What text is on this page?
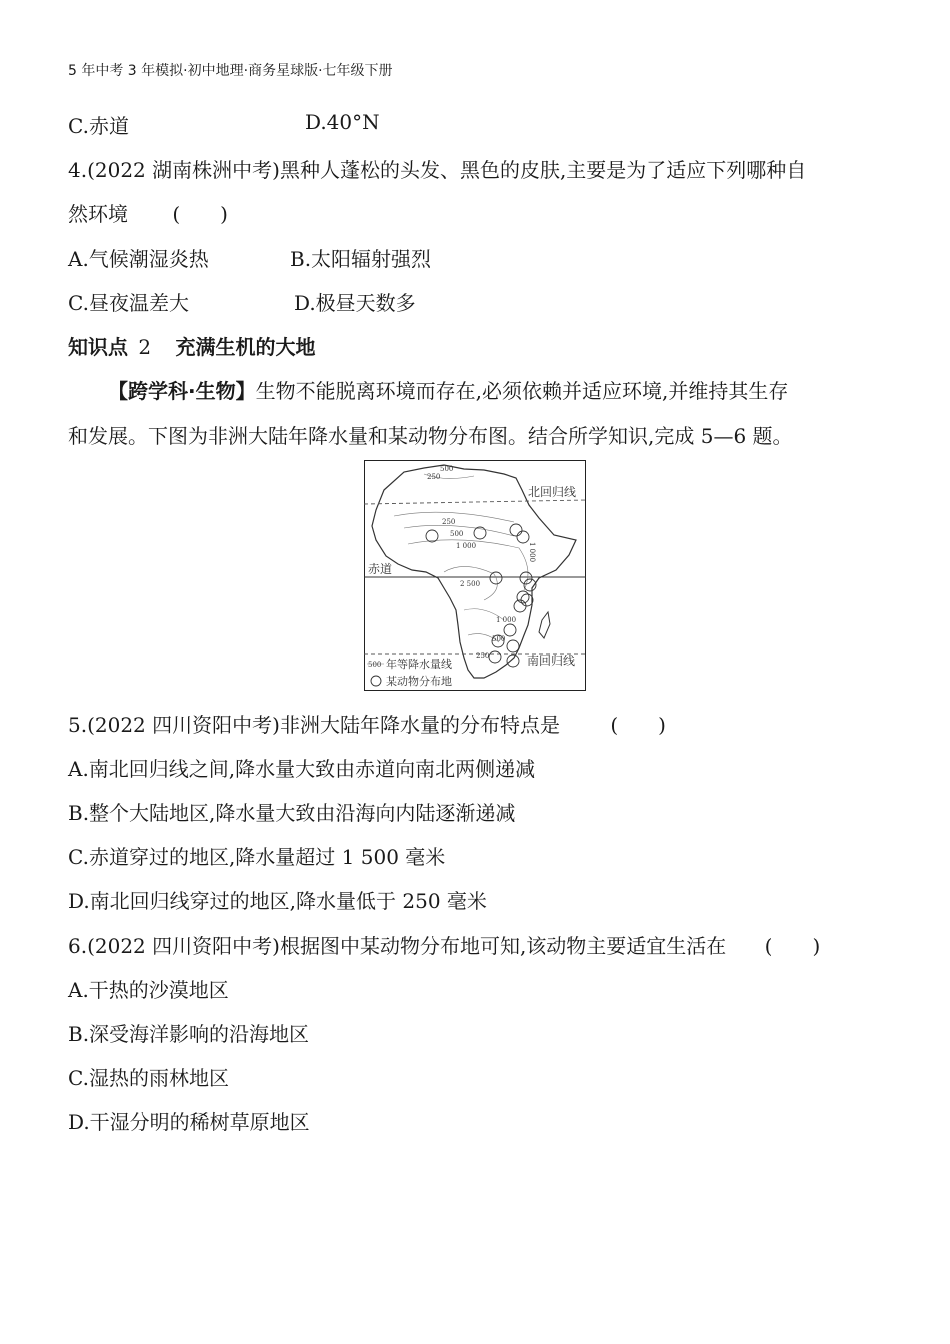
5 年中考 3 年模拟·初中地理·商务星球版·七年级下册
C.赤道	D.40°N
4.(2022 湖南株洲中考)黑种人蓬松的头发、黑色的皮肤,主要是为了适应下列哪种自
然环境 (　　)
A.气候潮湿炎热	B.太阳辐射强烈
C.昼夜温差大	D.极昼天数多
知识点 2 充满生机的大地
【跨学科·生物】生物不能脱离环境而存在,必须依赖并适应环境,并维持其生存
和发展。下图为非洲大陆年降水量和某动物分布图。结合所学知识,完成 5—6 题。
500
250
北回归线
250
500
1 000	1 000
赤道
2 500
1 000
500
250	南回归线
500 年等降水量线
某动物分布地
5.(2022 四川资阳中考)非洲大陆年降水量的分布特点是	(　　)
A.南北回归线之间,降水量大致由赤道向南北两侧递减
B.整个大陆地区,降水量大致由沿海向内陆逐渐递减
C.赤道穿过的地区,降水量超过 1 500 毫米
D.南北回归线穿过的地区,降水量低于 250 毫米
6.(2022 四川资阳中考)根据图中某动物分布地可知,该动物主要适宜生活在 (　　)
A.干热的沙漠地区
B.深受海洋影响的沿海地区
C.湿热的雨林地区
D.干湿分明的稀树草原地区
